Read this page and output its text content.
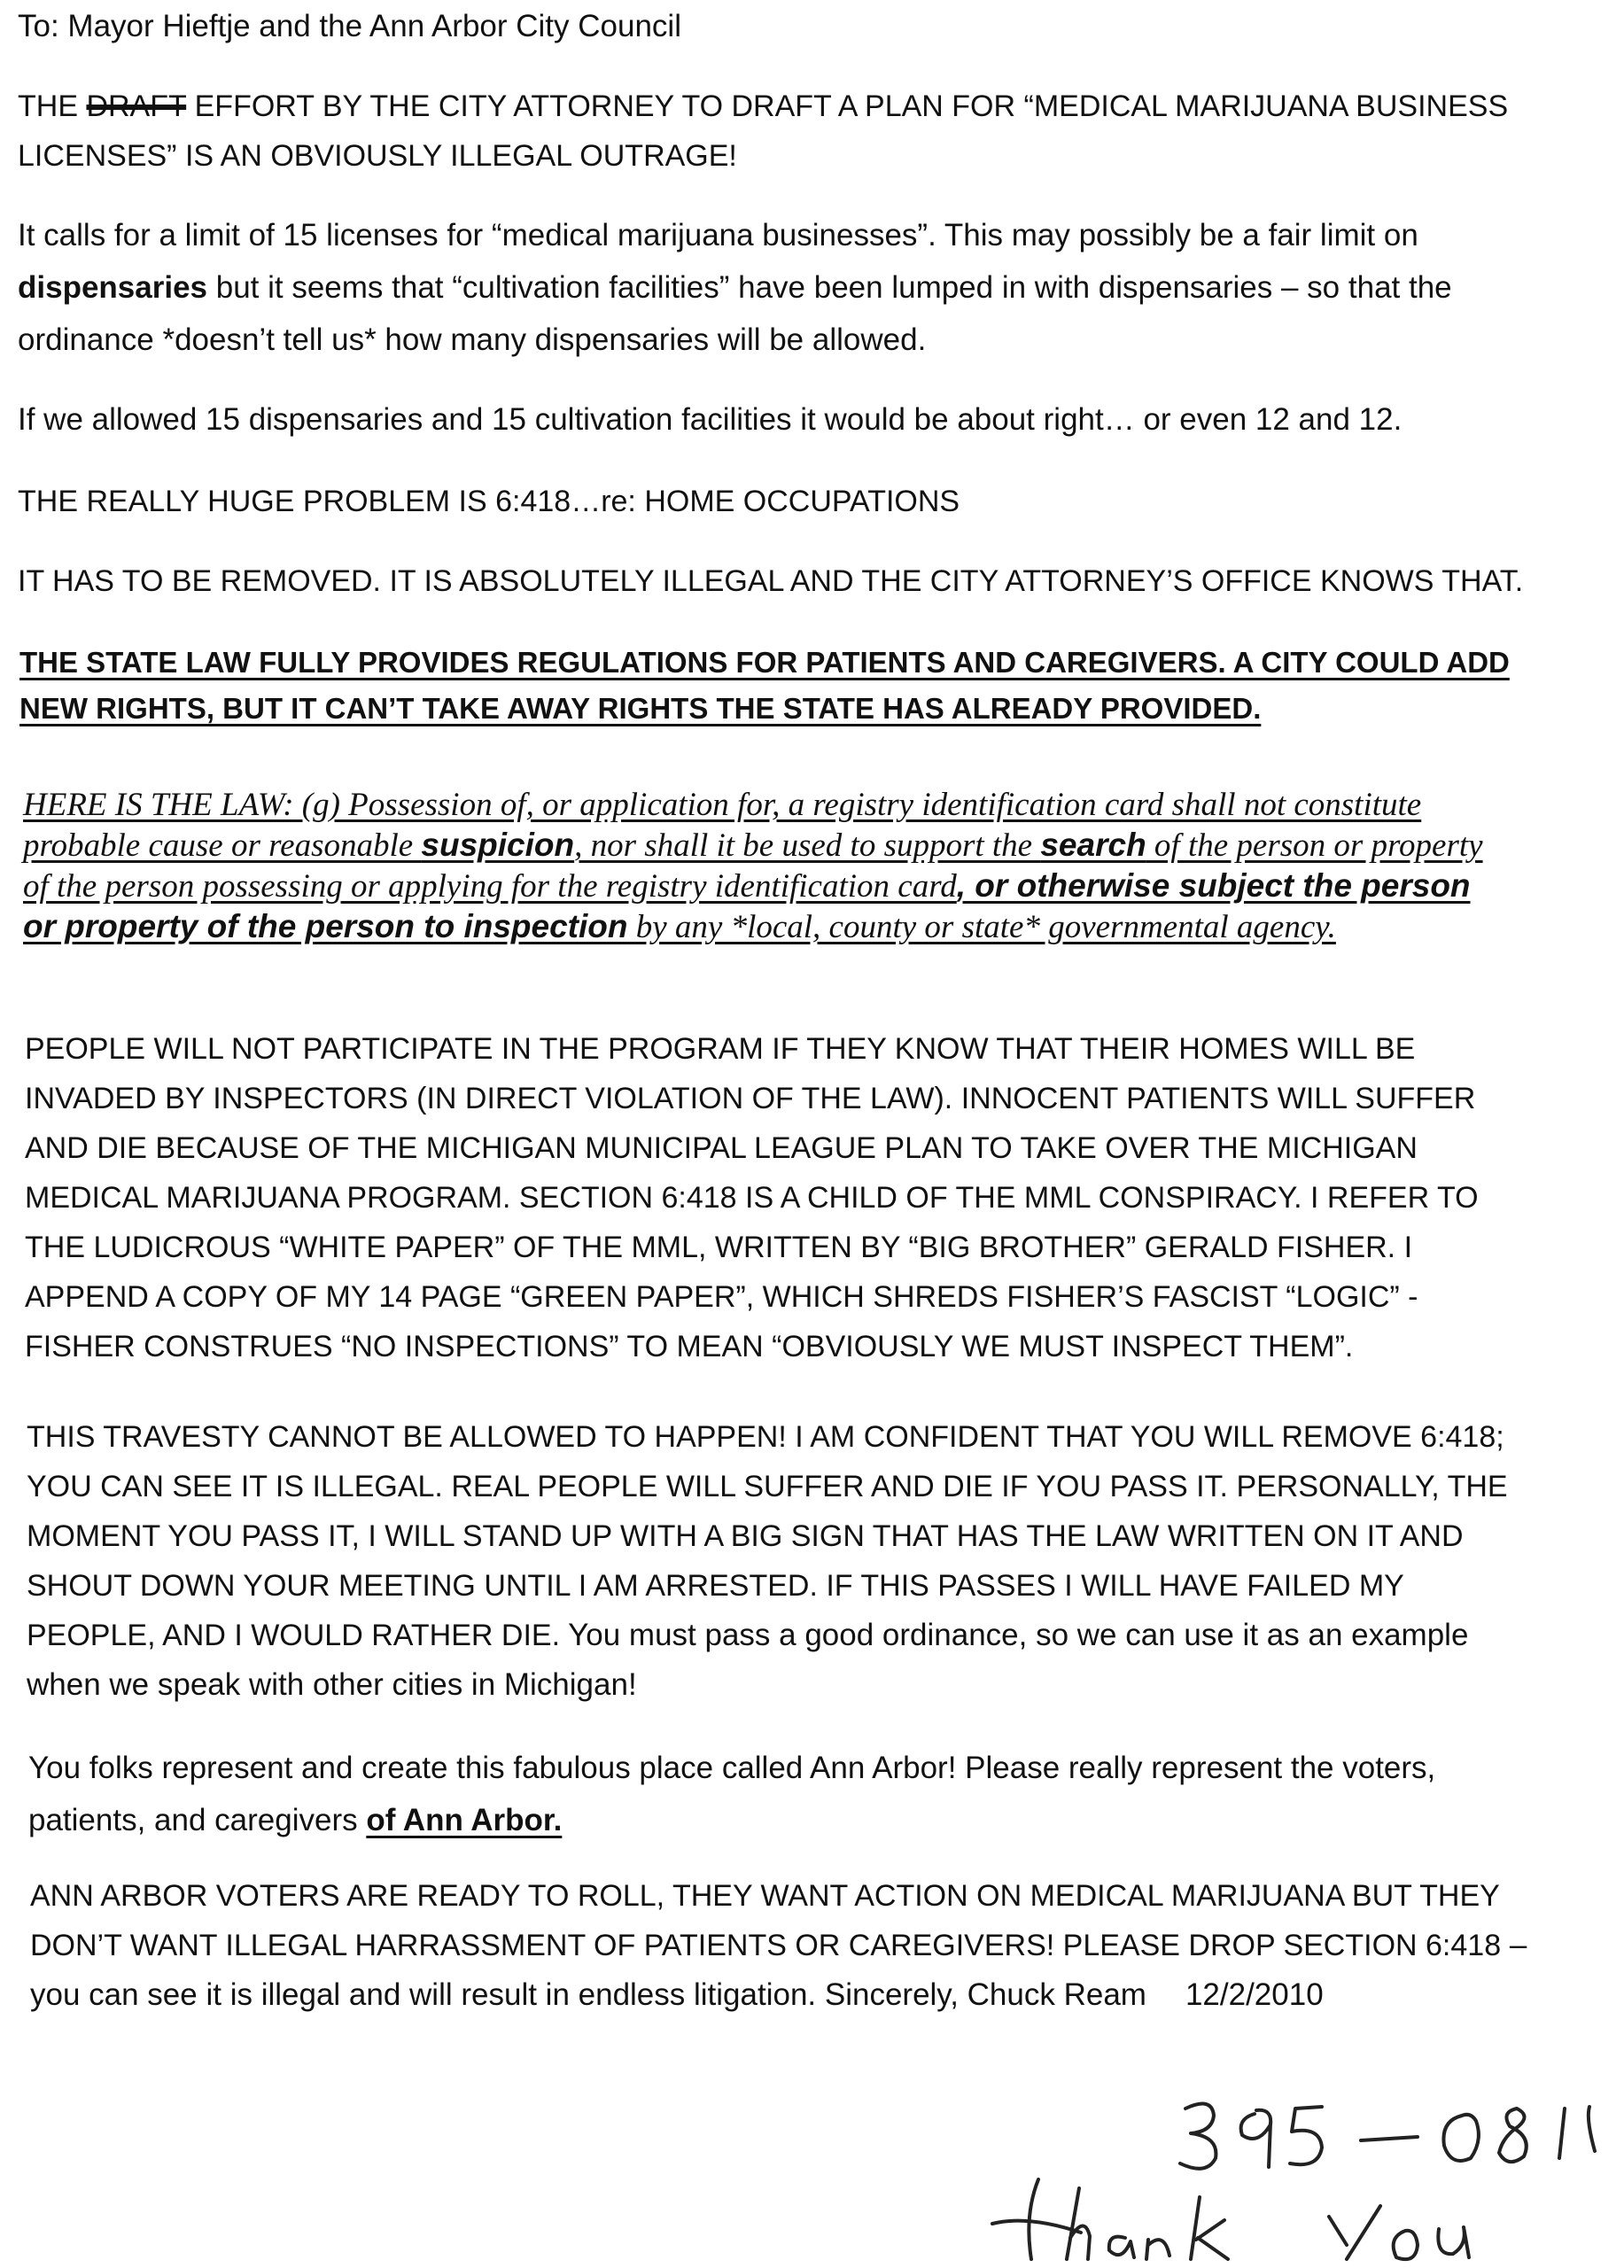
To: Mayor Hieftje and the Ann Arbor City Council

THE DRAFT EFFORT BY THE CITY ATTORNEY TO DRAFT A PLAN FOR “MEDICAL MARIJUANA BUSINESS LICENSES” IS AN OBVIOUSLY ILLEGAL OUTRAGE!

It calls for a limit of 15 licenses for “medical marijuana businesses”. This may possibly be a fair limit on dispensaries but it seems that “cultivation facilities” have been lumped in with dispensaries – so that the ordinance *doesn’t tell us* how many dispensaries will be allowed.

If we allowed 15 dispensaries and 15 cultivation facilities it would be about right… or even 12 and 12.

THE REALLY HUGE PROBLEM IS 6:418…re: HOME OCCUPATIONS

IT HAS TO BE REMOVED. IT IS ABSOLUTELY ILLEGAL AND THE CITY ATTORNEY’S OFFICE KNOWS THAT.

THE STATE LAW FULLY PROVIDES REGULATIONS FOR PATIENTS AND CAREGIVERS. A CITY COULD ADD NEW RIGHTS, BUT IT CAN’T TAKE AWAY RIGHTS THE STATE HAS ALREADY PROVIDED.

HERE IS THE LAW: (g) Possession of, or application for, a registry identification card shall not constitute probable cause or reasonable suspicion, nor shall it be used to support the search of the person or property of the person possessing or applying for the registry identification card, or otherwise subject the person or property of the person to inspection by any *local, county or state* governmental agency.

PEOPLE WILL NOT PARTICIPATE IN THE PROGRAM IF THEY KNOW THAT THEIR HOMES WILL BE INVADED BY INSPECTORS (IN DIRECT VIOLATION OF THE LAW). INNOCENT PATIENTS WILL SUFFER AND DIE BECAUSE OF THE MICHIGAN MUNICIPAL LEAGUE PLAN TO TAKE OVER THE MICHIGAN MEDICAL MARIJUANA PROGRAM. SECTION 6:418 IS A CHILD OF THE MML CONSPIRACY. I REFER TO THE LUDICROUS “WHITE PAPER” OF THE MML, WRITTEN BY “BIG BROTHER” GERALD FISHER. I APPEND A COPY OF MY 14 PAGE “GREEN PAPER”, WHICH SHREDS FISHER’S FASCIST “LOGIC” - FISHER CONSTRUES “NO INSPECTIONS” TO MEAN “OBVIOUSLY WE MUST INSPECT THEM”.

THIS TRAVESTY CANNOT BE ALLOWED TO HAPPEN! I AM CONFIDENT THAT YOU WILL REMOVE 6:418; YOU CAN SEE IT IS ILLEGAL. REAL PEOPLE WILL SUFFER AND DIE IF YOU PASS IT. PERSONALLY, THE MOMENT YOU PASS IT, I WILL STAND UP WITH A BIG SIGN THAT HAS THE LAW WRITTEN ON IT AND SHOUT DOWN YOUR MEETING UNTIL I AM ARRESTED. IF THIS PASSES I WILL HAVE FAILED MY PEOPLE, AND I WOULD RATHER DIE. You must pass a good ordinance, so we can use it as an example when we speak with other cities in Michigan!

You folks represent and create this fabulous place called Ann Arbor! Please really represent the voters, patients, and caregivers of Ann Arbor.

ANN ARBOR VOTERS ARE READY TO ROLL, THEY WANT ACTION ON MEDICAL MARIJUANA BUT THEY DON’T WANT ILLEGAL HARRASSMENT OF PATIENTS OR CAREGIVERS! PLEASE DROP SECTION 6:418 – you can see it is illegal and will result in endless litigation. Sincerely, Chuck Ream 12/2/2010
